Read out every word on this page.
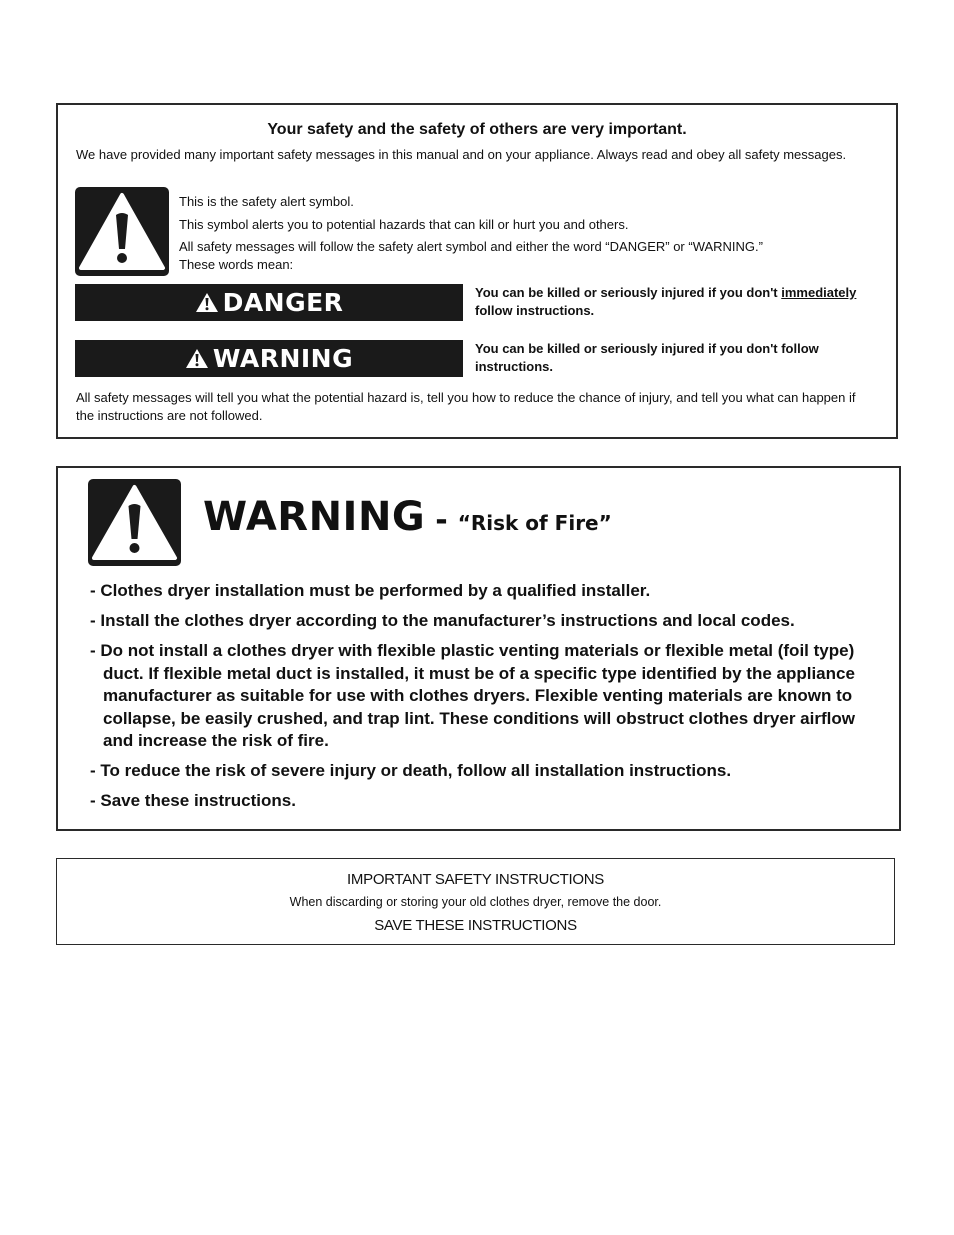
Your safety and the safety of others are very important.
We have provided many important safety messages in this manual and on your appliance. Always read and obey all safety messages.
This is the safety alert symbol.
This symbol alerts you to potential hazards that can kill or hurt you and others.
All safety messages will follow the safety alert symbol and either the word “DANGER” or “WARNING.”
These words mean:
DANGER	You can be killed or seriously injured if you don't immediately follow instructions.
WARNING	You can be killed or seriously injured if you don't follow instructions.
All safety messages will tell you what the potential hazard is, tell you how to reduce the chance of injury, and tell you what can happen if the instructions are not followed.
WARNING - “Risk of Fire”
- Clothes dryer installation must be performed by a qualified installer.
- Install the clothes dryer according to the manufacturer’s instructions and local codes.
- Do not install a clothes dryer with flexible plastic venting materials or flexible metal (foil type) duct. If flexible metal duct is installed, it must be of a specific type identified by the appliance manufacturer as suitable for use with clothes dryers. Flexible venting materials are known to collapse, be easily crushed, and trap lint. These conditions will obstruct clothes dryer airflow and increase the risk of fire.
- To reduce the risk of severe injury or death, follow all installation instructions.
- Save these instructions.
IMPORTANT SAFETY INSTRUCTIONS
When discarding or storing your old clothes dryer, remove the door.
SAVE THESE INSTRUCTIONS
